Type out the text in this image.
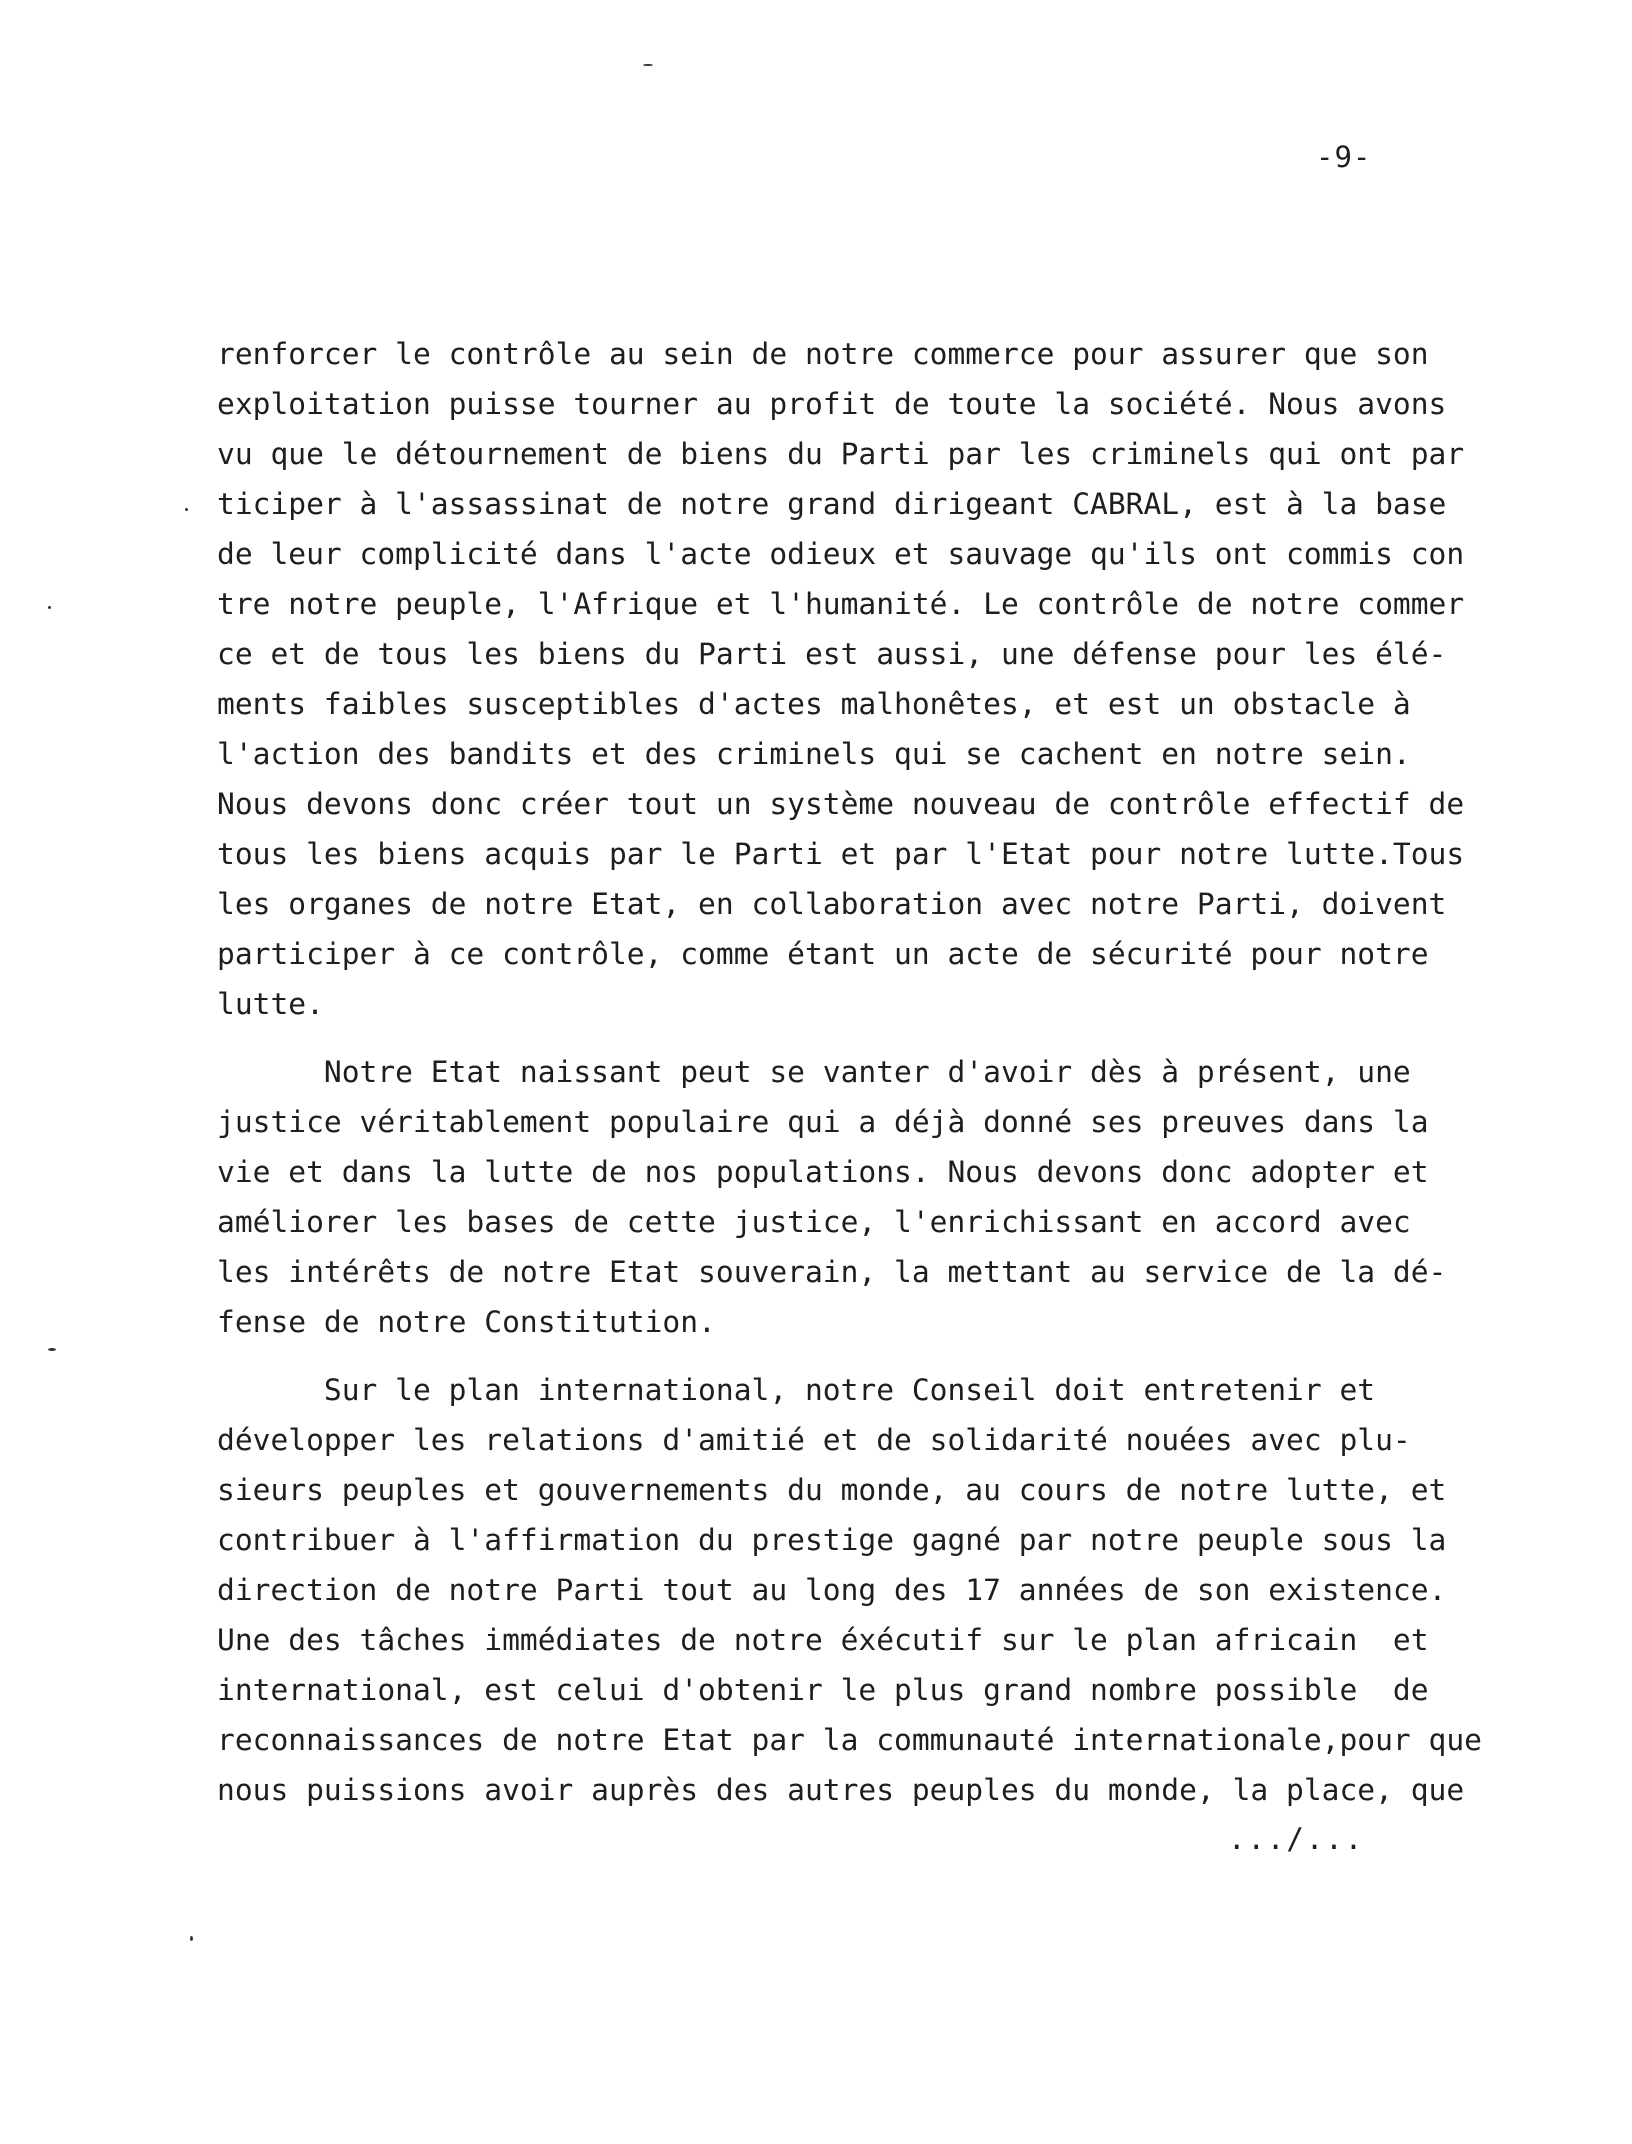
-9-
renforcer le contrôle au sein de notre commerce pour assurer que son
exploitation puisse tourner au profit de toute la société. Nous avons
vu que le détournement de biens du Parti par les criminels qui ont par
ticiper à l'assassinat de notre grand dirigeant CABRAL, est à la base
de leur complicité dans l'acte odieux et sauvage qu'ils ont commis con
tre notre peuple, l'Afrique et l'humanité. Le contrôle de notre commer
ce et de tous les biens du Parti est aussi, une défense pour les élé-
ments faibles susceptibles d'actes malhonêtes, et est un obstacle à
l'action des bandits et des criminels qui se cachent en notre sein.
Nous devons donc créer tout un système nouveau de contrôle effectif de
tous les biens acquis par le Parti et par l'Etat pour notre lutte.Tous
les organes de notre Etat, en collaboration avec notre Parti, doivent
participer à ce contrôle, comme étant un acte de sécurité pour notre
lutte.
Notre Etat naissant peut se vanter d'avoir dès à présent, une
justice véritablement populaire qui a déjà donné ses preuves dans la
vie et dans la lutte de nos populations. Nous devons donc adopter et
améliorer les bases de cette justice, l'enrichissant en accord avec
les intérêts de notre Etat souverain, la mettant au service de la dé-
fense de notre Constitution.
Sur le plan international, notre Conseil doit entretenir et
développer les relations d'amitié et de solidarité nouées avec plu-
sieurs peuples et gouvernements du monde, au cours de notre lutte, et
contribuer à l'affirmation du prestige gagné par notre peuple sous la
direction de notre Parti tout au long des 17 années de son existence.
Une des tâches immédiates de notre éxécutif sur le plan africain  et
international, est celui d'obtenir le plus grand nombre possible  de
reconnaissances de notre Etat par la communauté internationale,pour que
nous puissions avoir auprès des autres peuples du monde, la place, que
.../...
